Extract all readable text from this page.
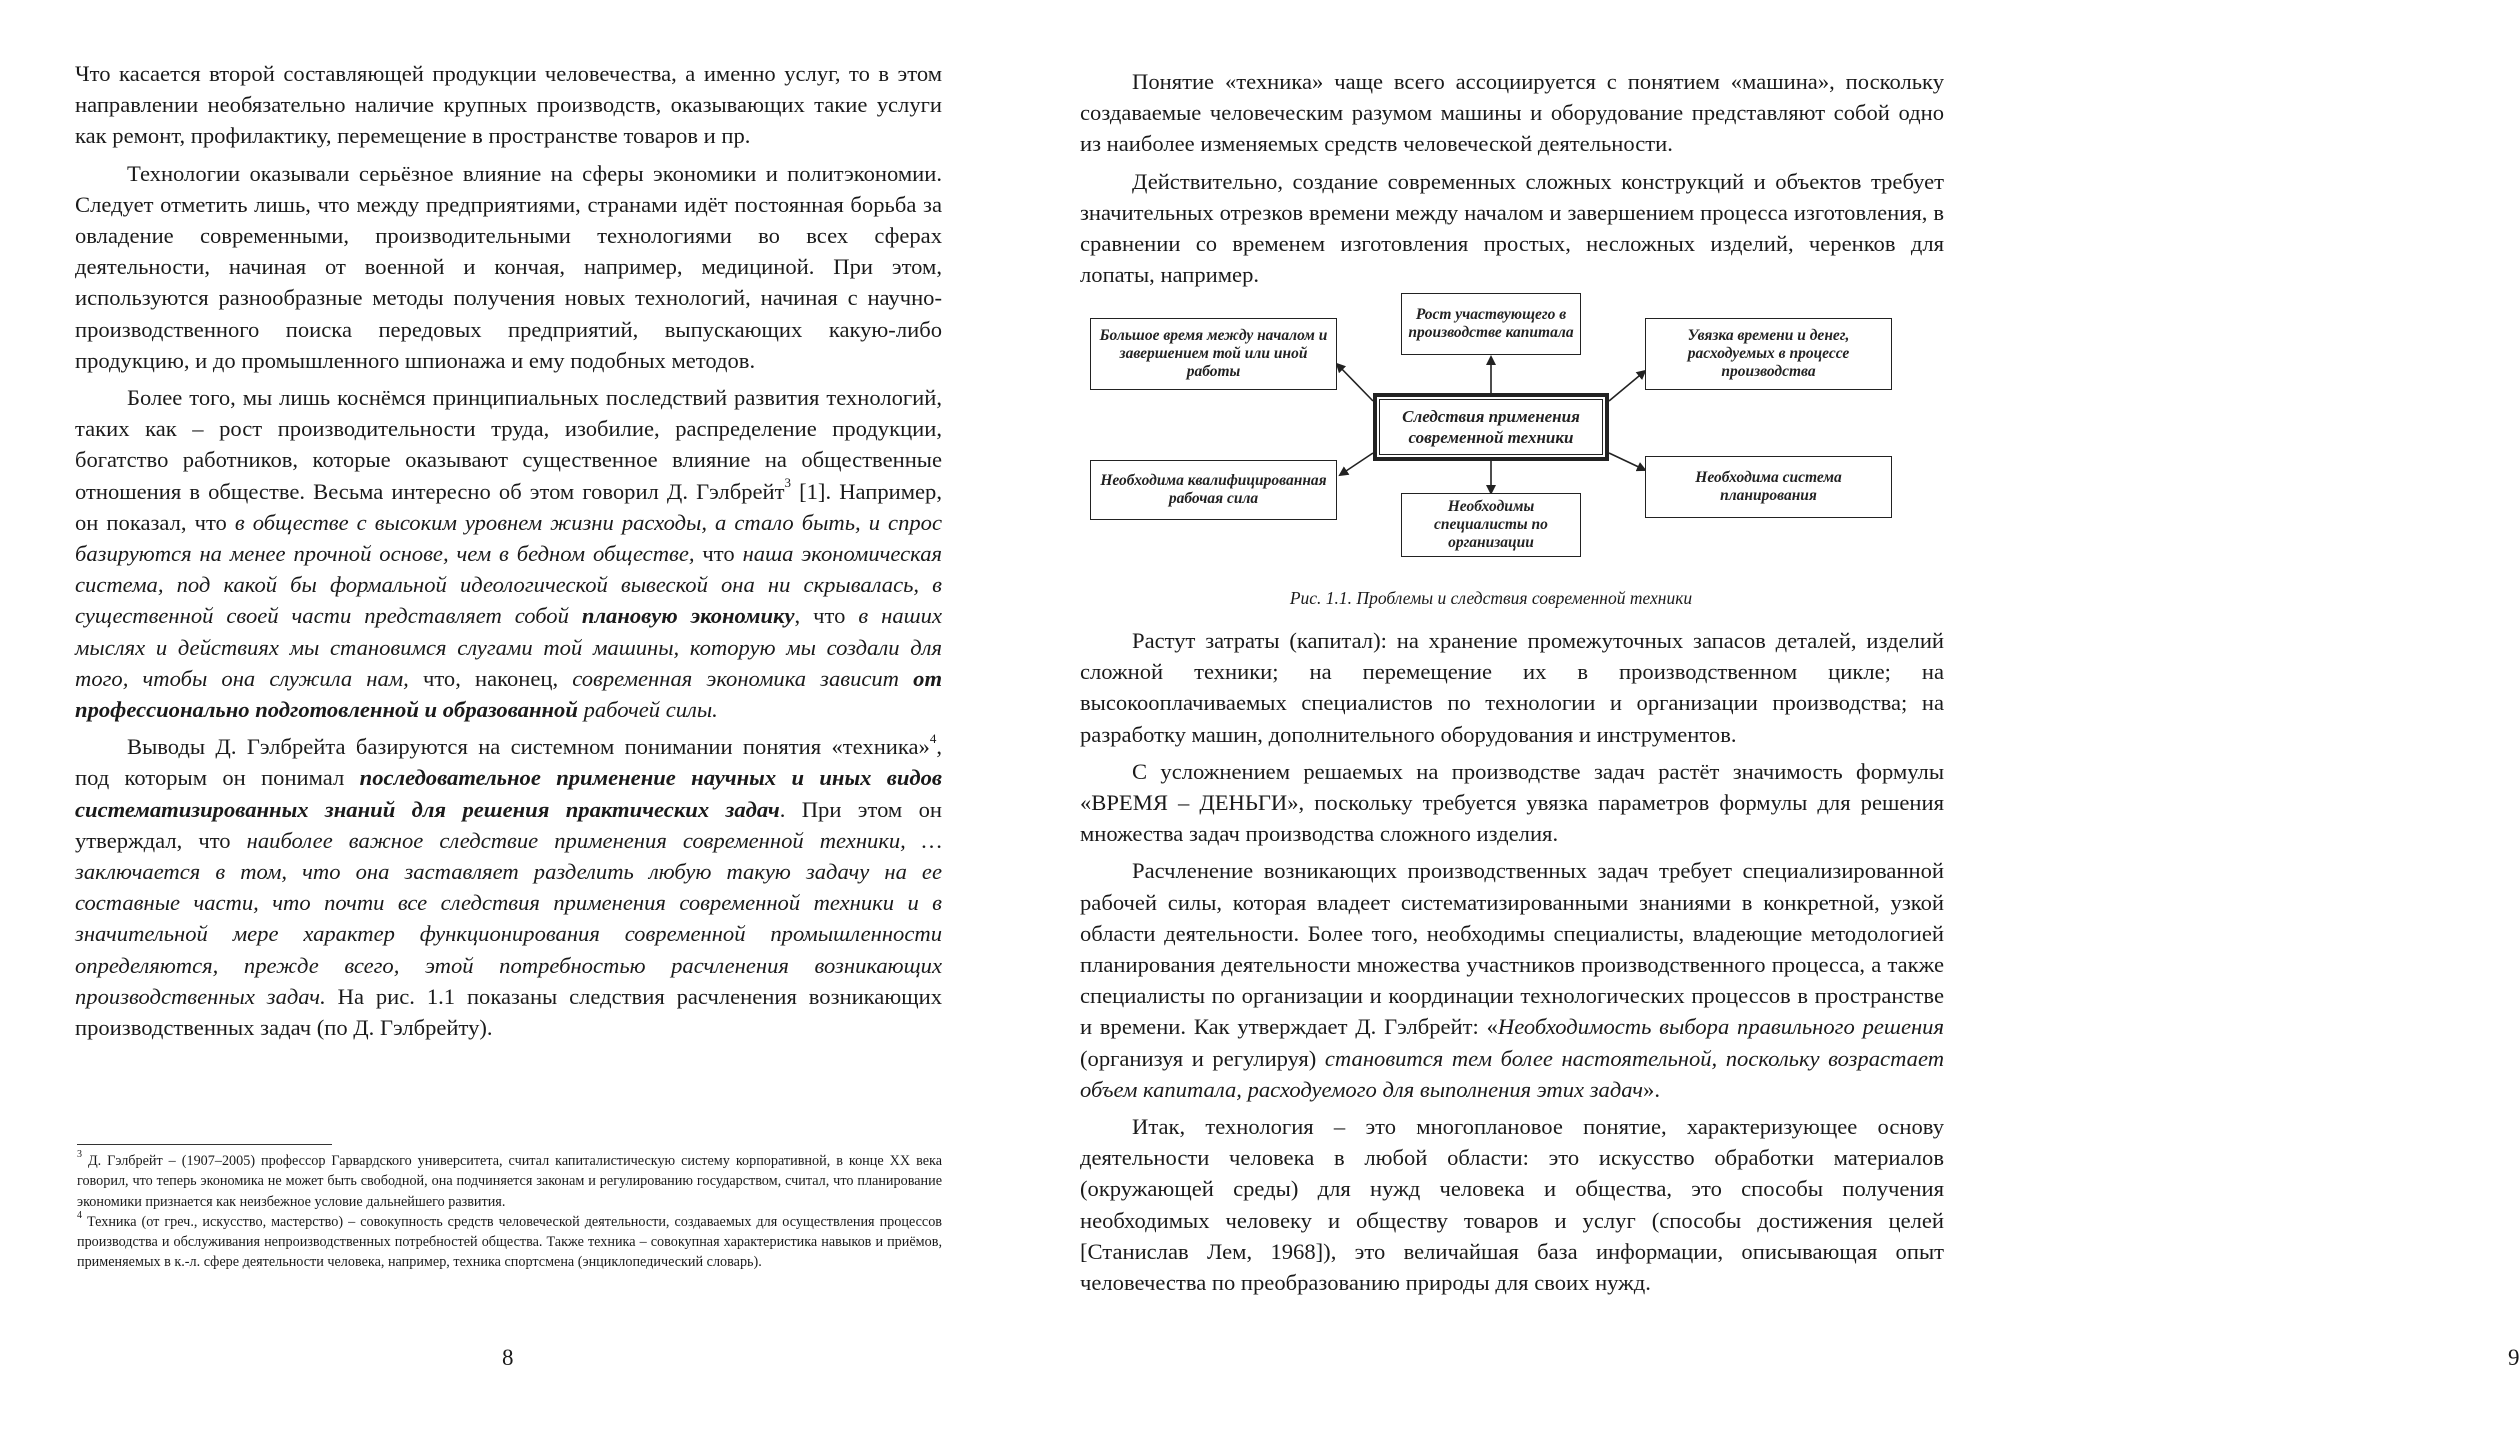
Что касается второй составляющей продукции человечества, а именно услуг, то в этом направлении необязательно наличие крупных производств, оказывающих такие услуги как ремонт, профилактику, перемещение в пространстве товаров и пр.

Технологии оказывали серьёзное влияние на сферы экономики и политэкономии. Следует отметить лишь, что между предприятиями, странами идёт постоянная борьба за овладение современными, производительными технологиями во всех сферах деятельности, начиная от военной и кончая, например, медициной. При этом, используются разнообразные методы получения новых технологий, начиная с научно-производственного поиска передовых предприятий, выпускающих какую-либо продукцию, и до промышленного шпионажа и ему подобных методов.

Более того, мы лишь коснёмся принципиальных последствий развития технологий, таких как – рост производительности труда, изобилие, распределение продукции, богатство работников, которые оказывают существенное влияние на общественные отношения в обществе. Весьма интересно об этом говорил Д. Гэлбрейт$^3$ [1]. Например, он показал, что в обществе с высоким уровнем жизни расходы, а стало быть, и спрос базируются на менее прочной основе, чем в бедном обществе, что наша экономическая система, под какой бы формальной идеологической вывеской она ни скрывалась, в существенной своей части представляет собой плановую экономику, что в наших мыслях и действиях мы становимся слугами той машины, которую мы создали для того, чтобы она служила нам, что, наконец, современная экономика зависит от профессионально подготовленной и образованной рабочей силы.

Выводы Д. Гэлбрейта базируются на системном понимании понятия «техника»$^4$, под которым он понимал последовательное применение научных и иных видов систематизированных знаний для решения практических задач. При этом он утверждал, что наиболее важное следствие применения современной техники, …заключается в том, что она заставляет разделить любую такую задачу на ее составные части, что почти все следствия применения современной техники и в значительной мере характер функционирования современной промышленности определяются, прежде всего, этой потребностью расчленения возникающих производственных задач. На рис. 1.1 показаны следствия расчленения возникающих производственных задач (по Д. Гэлбрейту).

$^3$ Д. Гэлбрейт – (1907–2005) профессор Гарвардского университета, считал капиталистическую систему корпоративной, в конце XX века говорил, что теперь экономика не может быть свободной, она подчиняется законам и регулированию государством, считал, что планирование экономики признается как неизбежное условие дальнейшего развития.

$^4$ Техника (от греч., искусство, мастерство) – совокупность средств человеческой деятельности, создаваемых для осуществления процессов производства и обслуживания непроизводственных потребностей общества. Также техника – совокупная характеристика навыков и приёмов, применяемых в к.-л. сфере деятельности человека, например, техника спортсмена (энциклопедический словарь).

8

Понятие «техника» чаще всего ассоциируется с понятием «машина», поскольку создаваемые человеческим разумом машины и оборудование представляют собой одно из наиболее изменяемых средств человеческой деятельности.

Действительно, создание современных сложных конструкций и объектов требует значительных отрезков времени между началом и завершением процесса изготовления, в сравнении со временем изготовления простых, несложных изделий, черенков для лопаты, например.

Следствия применения современной техники
Рост участвующего в производстве капитала
Большое время между началом и завершением той или иной работы
Увязка времени и денег, расходуемых в процессе производства
Необходима квалифицированная рабочая сила	Необходимы специалисты по организации
Необходима система планирования
Рис. 1.1. Проблемы и следствия современной техники

Растут затраты (капитал): на хранение промежуточных запасов деталей, изделий сложной техники; на перемещение их в производственном цикле; на высокооплачиваемых специалистов по технологии и организации производства; на разработку машин, дополнительного оборудования и инструментов.

С усложнением решаемых на производстве задач растёт значимость формулы «ВРЕМЯ – ДЕНЬГИ», поскольку требуется увязка параметров формулы для решения множества задач производства сложного изделия.

Расчленение возникающих производственных задач требует специализированной рабочей силы, которая владеет систематизированными знаниями в конкретной, узкой области деятельности. Более того, необходимы специалисты, владеющие методологией планирования деятельности множества участников производственного процесса, а также специалисты по организации и координации технологических процессов в пространстве и времени. Как утверждает Д. Гэлбрейт: «Необходимость выбора правильного решения (организуя и регулируя) становится тем более настоятельной, поскольку возрастает объем капитала, расходуемого для выполнения этих задач».

Итак, технология – это многоплановое понятие, характеризующее основу деятельности человека в любой области: это искусство обработки материалов (окружающей среды) для нужд человека и общества, это способы получения необходимых человеку и обществу товаров и услуг (способы достижения целей [Станислав Лем, 1968]), это величайшая база информации, описывающая опыт человечества по преобразованию природы для своих нужд.

9
